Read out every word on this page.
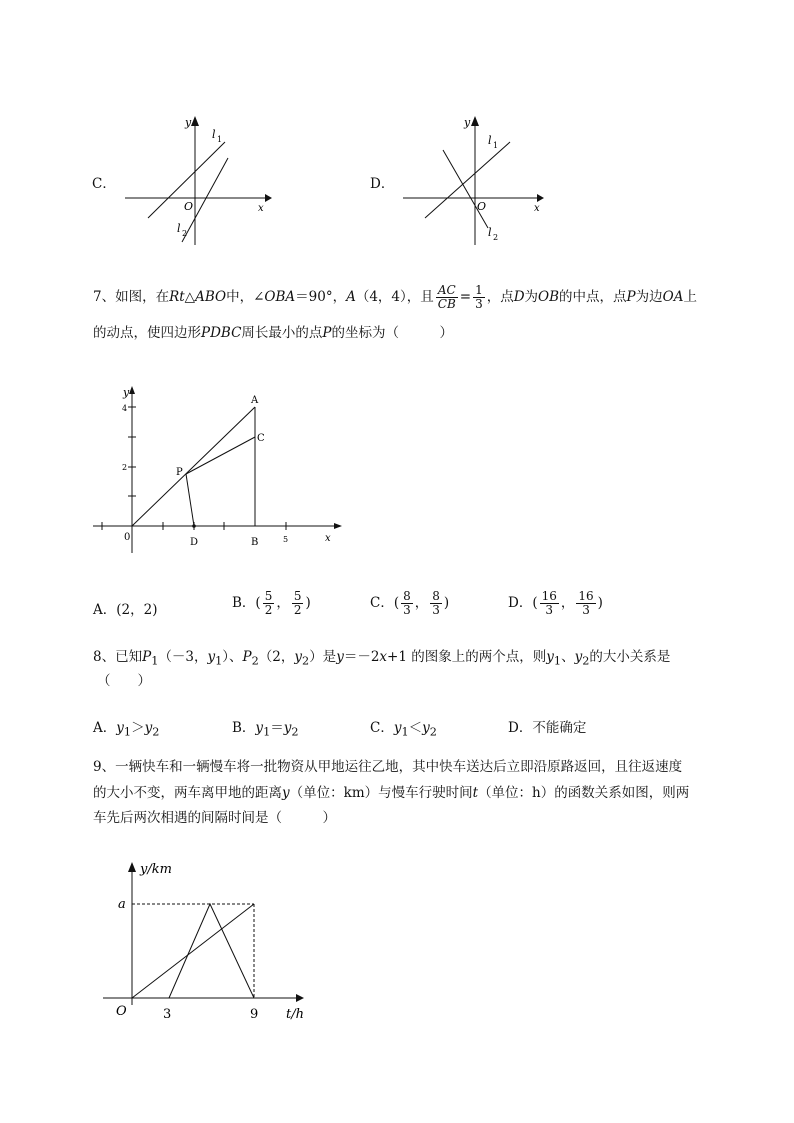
C．
y
x
O
l 1
l 2
D．
y
x
O
l 1
l 2
7、如图，在Rt△ABO中，∠OBA＝90°，A（4，4），且 $\frac{AC}{CB} = \frac{1}{3}$ ，点D为OB的中点，点P为边OA上
的动点，使四边形PDBC周长最小的点P的坐标为（　　　）
y
x
0
A
B
C
D
P
4
2
5
A．(2，2)	B．( $\frac{5}{2}$ ， $\frac{5}{2}$ )	C．( $\frac{8}{3}$ ， $\frac{8}{3}$ )	D．( $\frac{16}{3}$ ， $\frac{16}{3}$ )
8、已知$P_1(-3$，$y_1$）、$P_2(2$，$y_2$）是y＝－2x+1 的图象上的两个点，则$y_1$、$y_2$的大小关系是
（　　）
A．$y_1>y_2$	B．$y_1=y_2$	C．$y_1<y_2$	D．不能确定
9、一辆快车和一辆慢车将一批物资从甲地运往乙地，其中快车送达后立即沿原路返回，且往返速度
的大小不变，两车离甲地的距离y（单位：km）与慢车行驶时间t（单位：h）的函数关系如图，则两
车先后两次相遇的间隔时间是（　　　）
y/km
a
O	3	9 t/h
